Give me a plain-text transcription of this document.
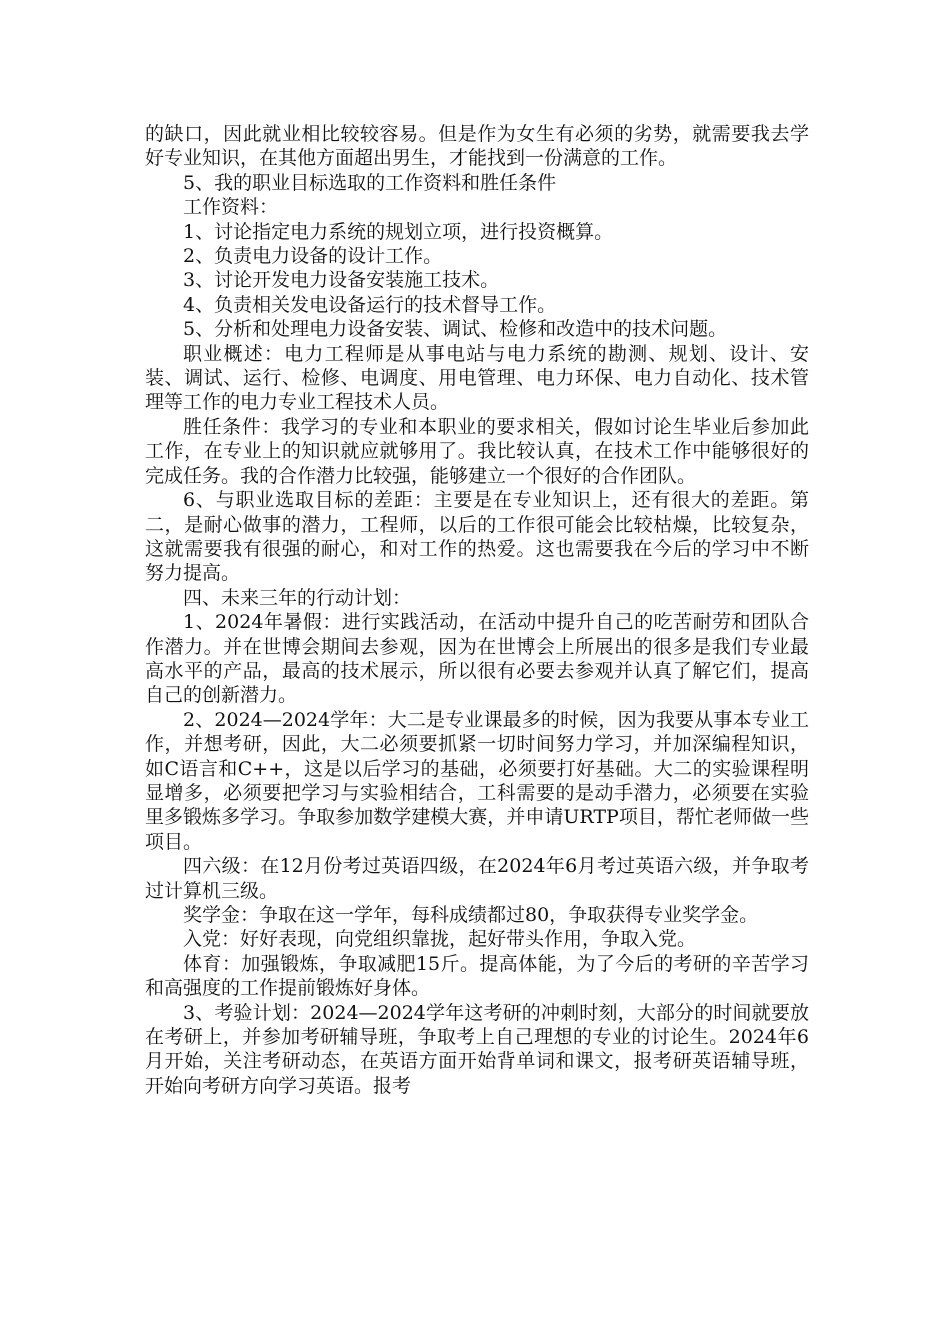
的缺口，因此就业相比较较容易。但是作为女生有必须的劣势，就需要我去学好专业知识，在其他方面超出男生，才能找到一份满意的工作。

5、我的职业目标选取的工作资料和胜任条件

工作资料：

1、讨论指定电力系统的规划立项，进行投资概算。

2、负责电力设备的设计工作。

3、讨论开发电力设备安装施工技术。

4、负责相关发电设备运行的技术督导工作。

5、分析和处理电力设备安装、调试、检修和改造中的技术问题。

职业概述：电力工程师是从事电站与电力系统的勘测、规划、设计、安装、调试、运行、检修、电调度、用电管理、电力环保、电力自动化、技术管理等工作的电力专业工程技术人员。

胜任条件：我学习的专业和本职业的要求相关，假如讨论生毕业后参加此工作，在专业上的知识就应就够用了。我比较认真，在技术工作中能够很好的完成任务。我的合作潜力比较强，能够建立一个很好的合作团队。

6、与职业选取目标的差距：主要是在专业知识上，还有很大的差距。第二，是耐心做事的潜力，工程师，以后的工作很可能会比较枯燥，比较复杂，这就需要我有很强的耐心，和对工作的热爱。这也需要我在今后的学习中不断努力提高。

四、未来三年的行动计划：

1、2024年暑假：进行实践活动，在活动中提升自己的吃苦耐劳和团队合作潜力。并在世博会期间去参观，因为在世博会上所展出的很多是我们专业最高水平的产品，最高的技术展示，所以很有必要去参观并认真了解它们，提高自己的创新潜力。

2、2024—2024学年：大二是专业课最多的时候，因为我要从事本专业工作，并想考研，因此，大二必须要抓紧一切时间努力学习，并加深编程知识，如C语言和C++，这是以后学习的基础，必须要打好基础。大二的实验课程明显增多，必须要把学习与实验相结合，工科需要的是动手潜力，必须要在实验里多锻炼多学习。争取参加数学建模大赛，并申请URTP项目，帮忙老师做一些项目。

四六级：在12月份考过英语四级，在2024年6月考过英语六级，并争取考过计算机三级。

奖学金：争取在这一学年，每科成绩都过80，争取获得专业奖学金。

入党：好好表现，向党组织靠拢，起好带头作用，争取入党。

体育：加强锻炼，争取减肥15斤。提高体能，为了今后的考研的辛苦学习和高强度的工作提前锻炼好身体。

3、考验计划：2024—2024学年这考研的冲刺时刻，大部分的时间就要放在考研上，并参加考研辅导班，争取考上自己理想的专业的讨论生。2024年6月开始，关注考研动态，在英语方面开始背单词和课文，报考研英语辅导班，开始向考研方向学习英语。报考
